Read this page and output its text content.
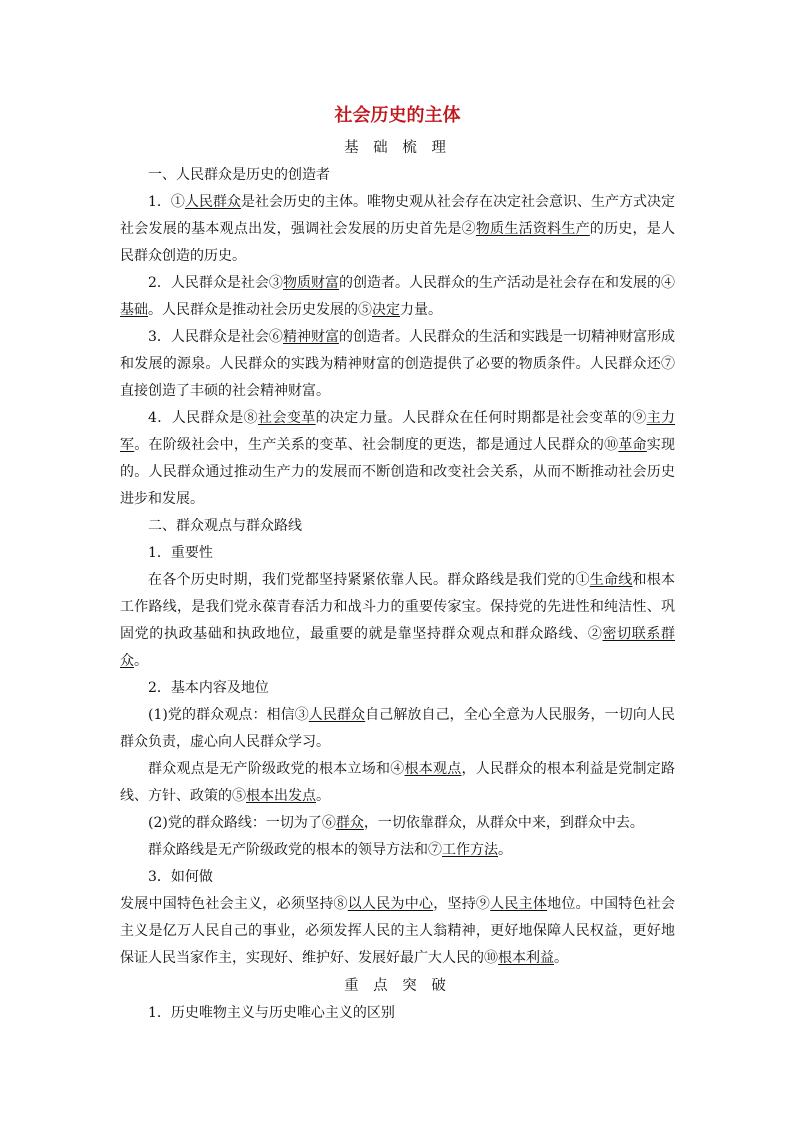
社会历史的主体

基 础 梳 理

一、人民群众是历史的创造者

1．①人民群众是社会历史的主体。唯物史观从社会存在决定社会意识、生产方式决定社会发展的基本观点出发，强调社会发展的历史首先是②物质生活资料生产的历史，是人民群众创造的历史。

2．人民群众是社会③物质财富的创造者。人民群众的生产活动是社会存在和发展的④基础。人民群众是推动社会历史发展的⑤决定力量。

3．人民群众是社会⑥精神财富的创造者。人民群众的生活和实践是一切精神财富形成和发展的源泉。人民群众的实践为精神财富的创造提供了必要的物质条件。人民群众还⑦直接创造了丰硕的社会精神财富。

4．人民群众是⑧社会变革的决定力量。人民群众在任何时期都是社会变革的⑨主力军。在阶级社会中，生产关系的变革、社会制度的更迭，都是通过人民群众的⑩革命实现的。人民群众通过推动生产力的发展而不断创造和改变社会关系，从而不断推动社会历史进步和发展。

二、群众观点与群众路线

1．重要性

在各个历史时期，我们党都坚持紧紧依靠人民。群众路线是我们党的①生命线和根本工作路线，是我们党永葆青春活力和战斗力的重要传家宝。保持党的先进性和纯洁性、巩固党的执政基础和执政地位，最重要的就是靠坚持群众观点和群众路线、②密切联系群众。

2．基本内容及地位

(1)党的群众观点：相信③人民群众自己解放自己，全心全意为人民服务，一切向人民群众负责，虚心向人民群众学习。

群众观点是无产阶级政党的根本立场和④根本观点，人民群众的根本利益是党制定路线、方针、政策的⑤根本出发点。

(2)党的群众路线：一切为了⑥群众，一切依靠群众，从群众中来，到群众中去。

群众路线是无产阶级政党的根本的领导方法和⑦工作方法。

3．如何做

发展中国特色社会主义，必须坚持⑧以人民为中心，坚持⑨人民主体地位。中国特色社会主义是亿万人民自己的事业，必须发挥人民的主人翁精神，更好地保障人民权益，更好地保证人民当家作主，实现好、维护好、发展好最广大人民的⑩根本利益。

重 点 突 破

1．历史唯物主义与历史唯心主义的区别
